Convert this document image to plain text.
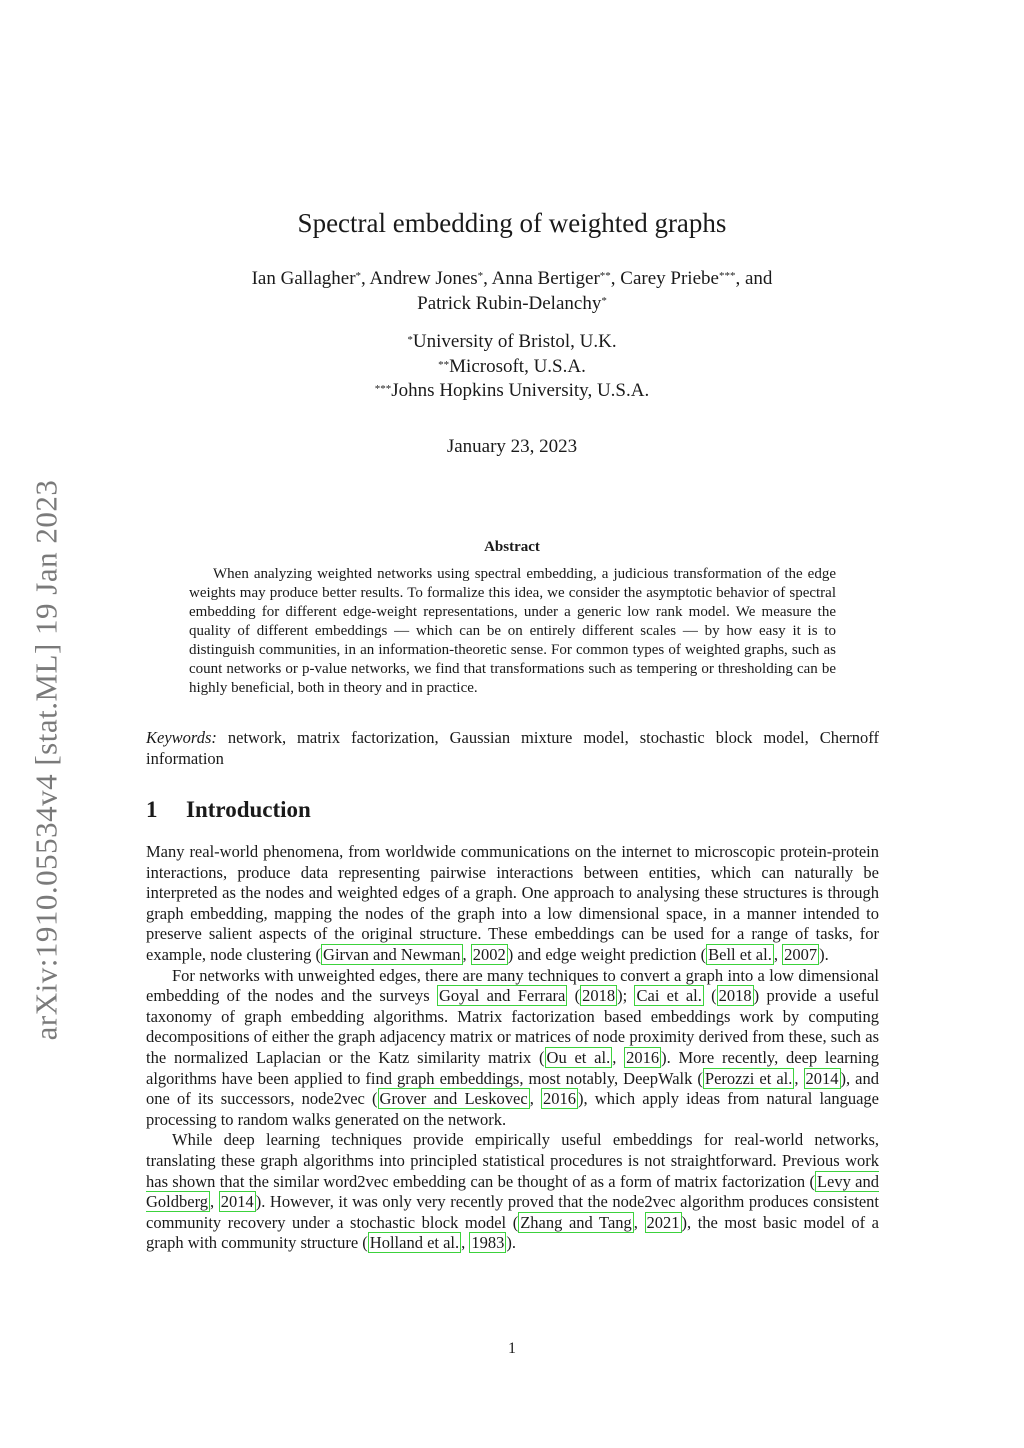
arXiv:1910.05534v4 [stat.ML] 19 Jan 2023
Spectral embedding of weighted graphs
Ian Gallagher*, Andrew Jones*, Anna Bertiger**, Carey Priebe***, and
Patrick Rubin-Delanchy*
*University of Bristol, U.K.
**Microsoft, U.S.A.
***Johns Hopkins University, U.S.A.
January 23, 2023
Abstract

When analyzing weighted networks using spectral embedding, a judicious transformation of the edge weights may produce better results. To formalize this idea, we consider the asymptotic behavior of spectral embedding for different edge-weight representations, under a generic low rank model. We measure the quality of different embeddings — which can be on entirely different scales — by how easy it is to distinguish communities, in an information-theoretic sense. For common types of weighted graphs, such as count networks or p-value networks, we find that transformations such as tempering or thresholding can be highly beneficial, both in theory and in practice.

Keywords: network, matrix factorization, Gaussian mixture model, stochastic block model, Chernoff information
1 Introduction

Many real-world phenomena, from worldwide communications on the internet to microscopic protein-protein interactions, produce data representing pairwise interactions between entities, which can naturally be interpreted as the nodes and weighted edges of a graph. One approach to analysing these structures is through graph embedding, mapping the nodes of the graph into a low dimensional space, in a manner intended to preserve salient aspects of the original structure. These embeddings can be used for a range of tasks, for example, node clustering ( Girvan and Newman , 2002 ) and edge weight prediction ( Bell et al. , 2007 ).

For networks with unweighted edges, there are many techniques to convert a graph into a low dimensional embedding of the nodes and the surveys Goyal and Ferrara ( 2018 ); Cai et al. ( 2018 ) provide a useful taxonomy of graph embedding algorithms. Matrix factorization based embeddings work by computing decompositions of either the graph adjacency matrix or matrices of node proximity derived from these, such as the normalized Laplacian or the Katz similarity matrix ( Ou et al. , 2016 ). More recently, deep learning algorithms have been applied to find graph embeddings, most notably, DeepWalk ( Perozzi et al. , 2014 ), and one of its successors, node2vec ( Grover and Leskovec , 2016 ), which apply ideas from natural language processing to random walks generated on the network.

While deep learning techniques provide empirically useful embeddings for real-world networks, translating these graph algorithms into principled statistical procedures is not straightforward. Previous work has shown that the similar word2vec embedding can be thought of as a form of matrix factorization ( Levy and Goldberg , 2014 ). However, it was only very recently proved that the node2vec algorithm produces consistent community recovery under a stochastic block model ( Zhang and Tang , 2021 ), the most basic model of a graph with community structure ( Holland et al. , 1983 ).

1
